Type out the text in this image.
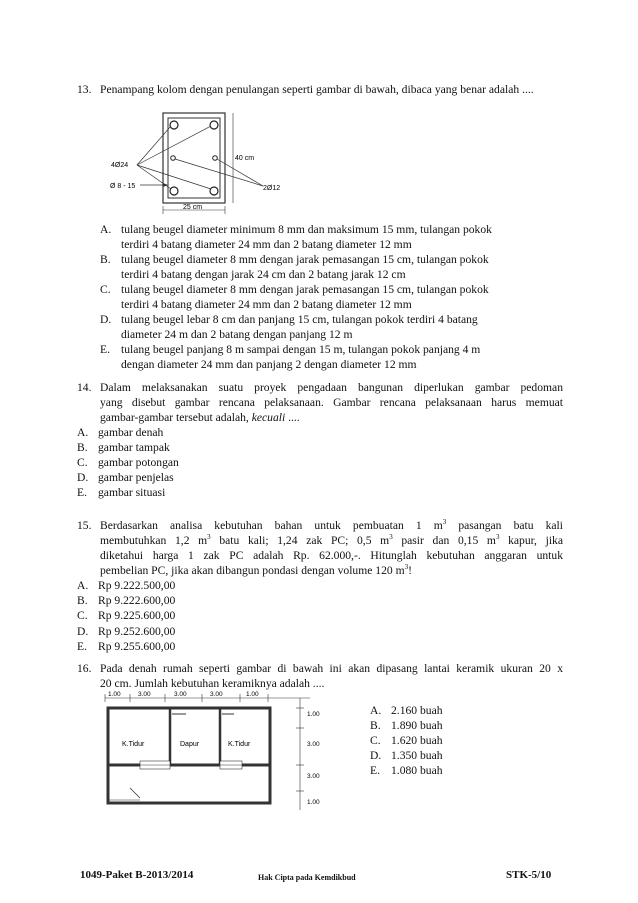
13. Penampang kolom dengan penulangan seperti gambar di bawah, dibaca yang benar adalah ....
4Ø24
Ø 8 - 15	2Ø12
40 cm
25 cm
A. tulang beugel diameter minimum 8 mm dan maksimum 15 mm, tulangan pokok
terdiri 4 batang diameter 24 mm dan 2 batang diameter 12 mm
B. tulang beugel diameter 8 mm dengan jarak pemasangan 15 cm, tulangan pokok
terdiri 4 batang dengan jarak 24 cm dan 2 batang jarak 12 cm
C. tulang beugel diameter 8 mm dengan jarak pemasangan 15 cm, tulangan pokok
terdiri 4 batang diameter 24 mm dan 2 batang diameter 12 mm
D. tulang beugel lebar 8 cm dan panjang 15 cm, tulangan pokok terdiri 4 batang
diameter 24 m dan 2 batang dengan panjang 12 m
E. tulang beugel panjang 8 m sampai dengan 15 m, tulangan pokok panjang 4 m
dengan diameter 24 mm dan panjang 2 dengan diameter 12 mm
14. Dalam melaksanakan suatu proyek pengadaan bangunan diperlukan gambar pedoman
yang disebut gambar rencana pelaksanaan. Gambar rencana pelaksanaan harus memuat
gambar-gambar tersebut adalah, kecuali ....
A. gambar denah
B. gambar tampak
C. gambar potongan
D. gambar penjelas
E. gambar situasi
15. Berdasarkan analisa kebutuhan bahan untuk pembuatan 1 $m^3$ pasangan batu kali
membutuhkan 1,2 $m^3$ batu kali; 1,24 zak PC; 0,5 $m^3$ pasir dan 0,15 $m^3$ kapur, jika
diketahui harga 1 zak PC adalah Rp. 62.000,-. Hitunglah kebutuhan anggaran untuk
pembelian PC, jika akan dibangun pondasi dengan volume 120 $m^3$!
A. Rp 9.222.500,00
B. Rp 9.222.600,00
C. Rp 9.225.600,00
D. Rp 9.252.600,00
E. Rp 9.255.600,00
16. Pada denah rumah seperti gambar di bawah ini akan dipasang lantai keramik ukuran 20 x
20 cm. Jumlah kebutuhan keramiknya adalah ....
1.00	3.00	3.00	3.00	1.00
K.Tidur	Dapur	K.Tidur
1.00
3.00
3.00
1.00
A. 2.160 buah
B. 1.890 buah
C. 1.620 buah
D. 1.350 buah
E. 1.080 buah
1049-Paket B-2013/2014	Hak Cipta pada Kemdikbud	STK-5/10
